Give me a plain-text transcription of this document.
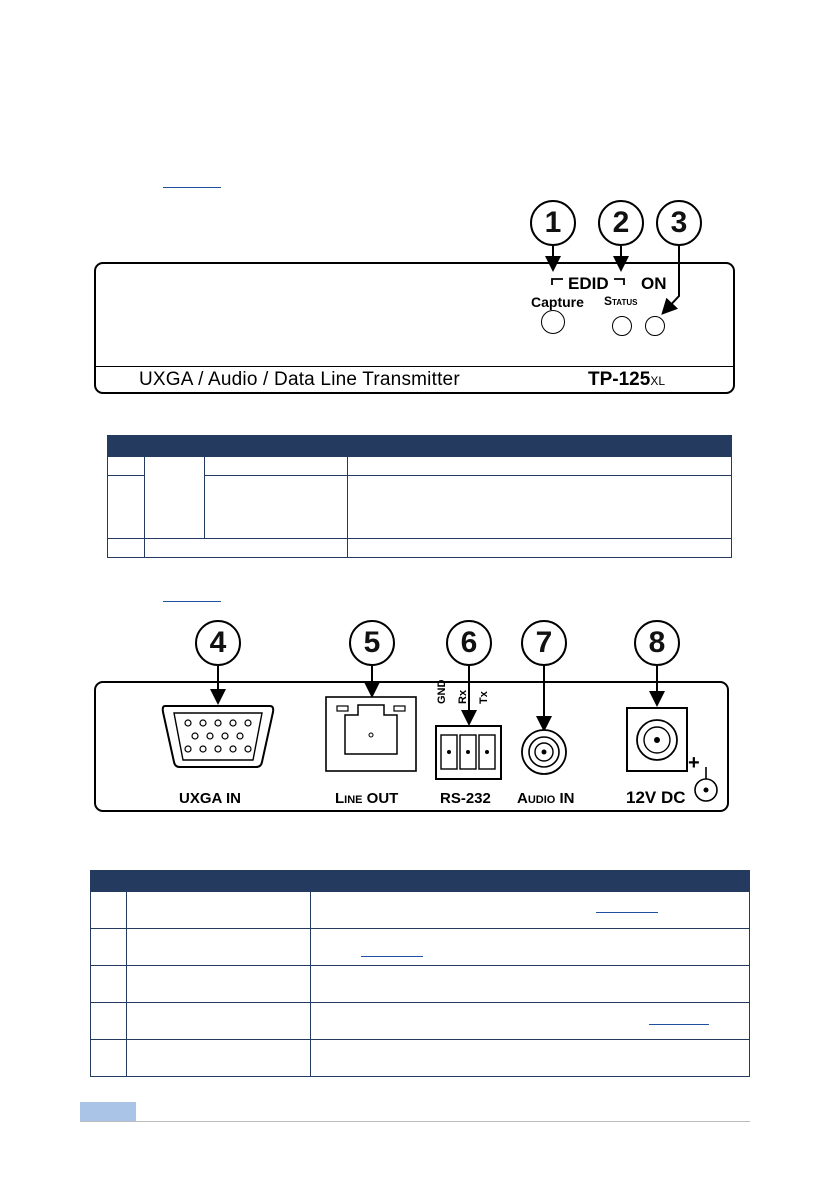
1	2	3
EDID ON
Capture Status
UXGA / Audio / Data Line Transmitter	TP-125XL

4	5	6	7	8
UXGA IN	Line OUT	RS-232 Audio IN	12V DC
+
GND Rx Tx
